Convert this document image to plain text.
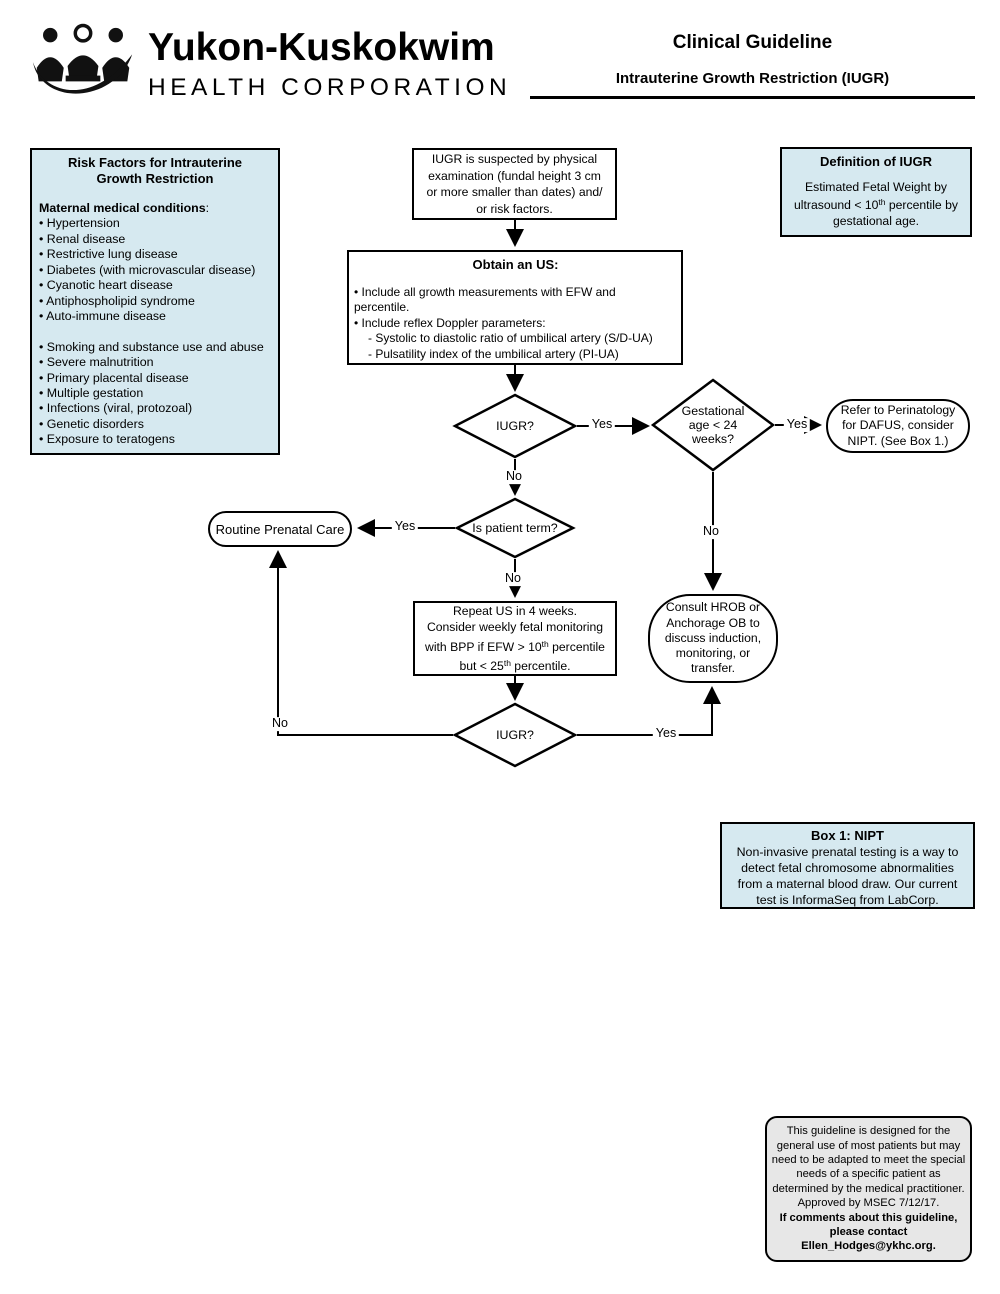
Yukon-Kuskokwim
HEALTH CORPORATION
Clinical Guideline
Intrauterine Growth Restriction (IUGR)
Risk Factors for Intrauterine
Growth Restriction
Maternal medical conditions:
• Hypertension
• Renal disease
• Restrictive lung disease
• Diabetes (with microvascular disease)
• Cyanotic heart disease
• Antiphospholipid syndrome
• Auto-immune disease
• Smoking and substance use and abuse
• Severe malnutrition
• Primary placental disease
• Multiple gestation
• Infections (viral, protozoal)
• Genetic disorders
• Exposure to teratogens
IUGR is suspected by physical
examination (fundal height 3 cm
or more smaller than dates) and/
or risk factors.
Definition of IUGR
Estimated Fetal Weight by
ultrasound < 10th percentile by
gestational age.
Obtain an US:
• Include all growth measurements with EFW and
percentile.
• Include reflex Doppler parameters:
- Systolic to diastolic ratio of umbilical artery (S/D-UA)
- Pulsatility index of the umbilical artery (PI-UA)
IUGR?
Gestational
age < 24
weeks?
Is patient term?
IUGR?
Refer to Perinatology
for DAFUS, consider
NIPT. (See Box 1.)
Routine Prenatal Care
Consult HROB or
Anchorage OB to
discuss induction,
monitoring, or
transfer.
Repeat US in 4 weeks.
Consider weekly fetal monitoring
with BPP if EFW > 10th percentile
but < 25th percentile.
Yes	Yes
No
Yes
No
No
Yes
No
Box 1: NIPT
Non-invasive prenatal testing is a way to
detect fetal chromosome abnormalities
from a maternal blood draw. Our current
test is InformaSeq from LabCorp.
This guideline is designed for the
general use of most patients but may
need to be adapted to meet the special
needs of a specific patient as
determined by the medical practitioner.
Approved by MSEC 7/12/17.
If comments about this guideline,
please contact
Ellen_Hodges@ykhc.org.
